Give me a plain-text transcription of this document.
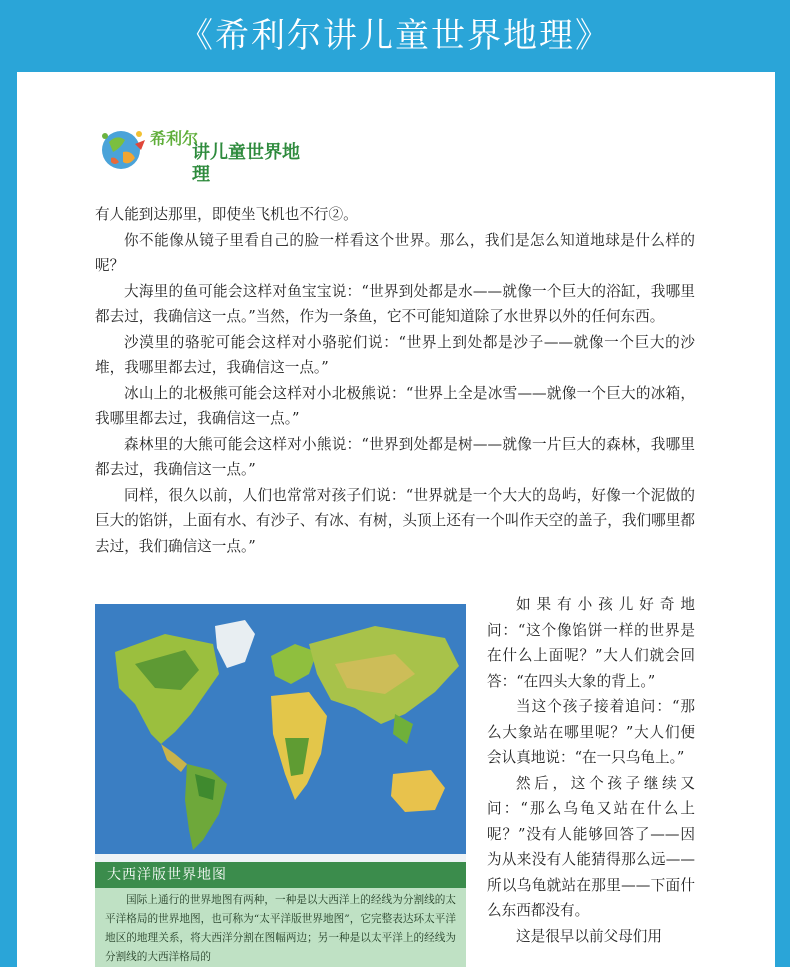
《希利尔讲儿童世界地理》
希利尔
讲儿童世界地理

有人能到达那里，即使坐飞机也不行②。

你不能像从镜子里看自己的脸一样看这个世界。那么，我们是怎么知道地球是什么样的呢？

大海里的鱼可能会这样对鱼宝宝说：“世界到处都是水——就像一个巨大的浴缸，我哪里都去过，我确信这一点。”当然，作为一条鱼，它不可能知道除了水世界以外的任何东西。

沙漠里的骆驼可能会这样对小骆驼们说：“世界上到处都是沙子——就像一个巨大的沙堆，我哪里都去过，我确信这一点。”

冰山上的北极熊可能会这样对小北极熊说：“世界上全是冰雪——就像一个巨大的冰箱，我哪里都去过，我确信这一点。”

森林里的大熊可能会这样对小熊说：“世界到处都是树——就像一片巨大的森林，我哪里都去过，我确信这一点。”

同样，很久以前，人们也常常对孩子们说：“世界就是一个大大的岛屿，好像一个泥做的巨大的馅饼，上面有水、有沙子、有冰、有树，头顶上还有一个叫作天空的盖子，我们哪里都去过，我们确信这一点。”

大西洋版世界地图
国际上通行的世界地图有两种，一种是以大西洋上的经线为分割线的太平洋格局的世界地图，也可称为“太平洋版世界地图”，它完整表达环太平洋地区的地理关系，将大西洋分割在图幅两边；另一种是以太平洋上的经线为分割线的大西洋格局的

如果有小孩儿好奇地问：“这个像馅饼一样的世界是在什么上面呢？”大人们就会回答：“在四头大象的背上。”

当这个孩子接着追问：“那么大象站在哪里呢？”大人们便会认真地说：“在一只乌龟上。”

然后，这个孩子继续又问：“那么乌龟又站在什么上呢？”没有人能够回答了——因为从来没有人能猜得那么远——所以乌龟就站在那里——下面什么东西都没有。

这是很早以前父母们用
